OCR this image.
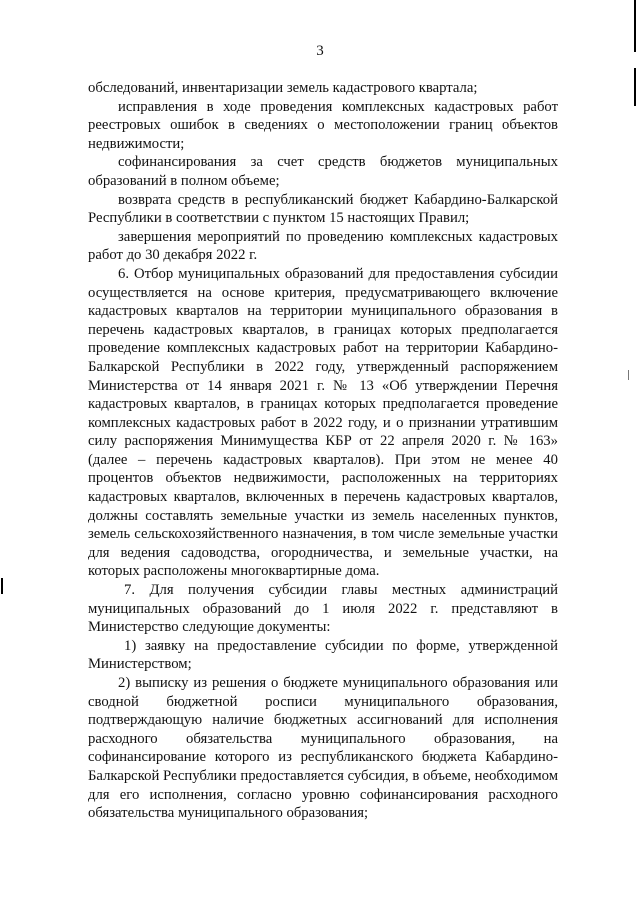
3

обследований, инвентаризации земель кадастрового квартала;

исправления в ходе проведения комплексных кадастровых работ реестровых ошибок в сведениях о местоположении границ объектов недвижимости;

софинансирования за счет средств бюджетов муниципальных образований в полном объеме;

возврата средств в республиканский бюджет Кабардино-Балкарской Республики в соответствии с пунктом 15 настоящих Правил;

завершения мероприятий по проведению комплексных кадастровых работ до 30 декабря 2022 г.

6. Отбор муниципальных образований для предоставления субсидии осуществляется на основе критерия, предусматривающего включение кадастровых кварталов на территории муниципального образования в перечень кадастровых кварталов, в границах которых предполагается проведение комплексных кадастровых работ на территории Кабардино-Балкарской Республики в 2022 году, утвержденный распоряжением Министерства от 14 января 2021 г. № 13 «Об утверждении Перечня кадастровых кварталов, в границах которых предполагается проведение комплексных кадастровых работ в 2022 году, и о признании утратившим силу распоряжения Минимущества КБР от 22 апреля 2020 г. № 163» (далее – перечень кадастровых кварталов). При этом не менее 40 процентов объектов недвижимости, расположенных на территориях кадастровых кварталов, включенных в перечень кадастровых кварталов, должны составлять земельные участки из земель населенных пунктов, земель сельскохозяйственного назначения, в том числе земельные участки для ведения садоводства, огородничества, и земельные участки, на которых расположены многоквартирные дома.

7. Для получения субсидии главы местных администраций муниципальных образований до 1 июля 2022 г. представляют в Министерство следующие документы:

1) заявку на предоставление субсидии по форме, утвержденной Министерством;

2) выписку из решения о бюджете муниципального образования или сводной бюджетной росписи муниципального образования, подтверждающую наличие бюджетных ассигнований для исполнения расходного обязательства муниципального образования, на софинансирование которого из республиканского бюджета Кабардино-Балкарской Республики предоставляется субсидия, в объеме, необходимом для его исполнения, согласно уровню софинансирования расходного обязательства муниципального образования;
